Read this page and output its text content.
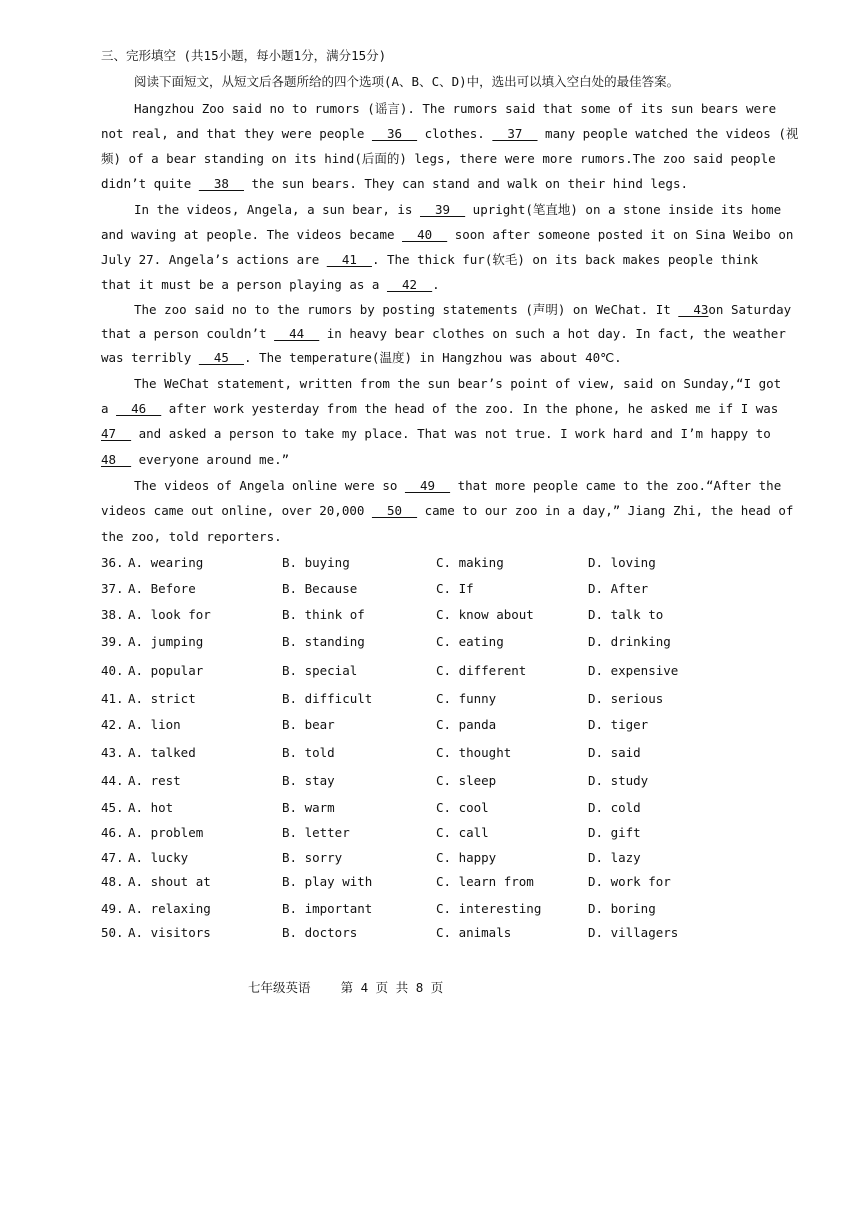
三、完形填空 (共15小题，每小题1分，满分15分)
阅读下面短文，从短文后各题所给的四个选项(A、B、C、D)中，选出可以填入空白处的最佳答案。
Hangzhou Zoo said no to rumors (谣言). The rumors said that some of its sun bears were
not real, and that they were people   36   clothes.   37   many people watched the videos (视
频) of a bear standing on its hind(后面的) legs, there were more rumors.The zoo said people
didn’t quite   38   the sun bears. They can stand and walk on their hind legs.
In the videos, Angela, a sun bear, is   39   upright(笔直地) on a stone inside its home
and waving at people. The videos became   40   soon after someone posted it on Sina Weibo on
July 27. Angela’s actions are   41  . The thick fur(软毛) on its back makes people think
that it must be a person playing as a   42  .
The zoo said no to the rumors by posting statements (声明) on WeChat. It   43on Saturday
that a person couldn’t   44   in heavy bear clothes on such a hot day. In fact, the weather
was terribly   45  . The temperature(温度) in Hangzhou was about 40℃.
The WeChat statement, written from the sun bear’s point of view, said on Sunday,“I got
a   46   after work yesterday from the head of the zoo. In the phone, he asked me if I was
47   and asked a person to take my place. That was not true. I work hard and I’m happy to
48   everyone around me.”
The videos of Angela online were so   49   that more people came to the zoo.“After the
videos came out online, over 20,000   50   came to our zoo in a day,” Jiang Zhi, the head of
the zoo, told reporters.
36. A. wearing	B. buying	C. making	D. loving
37. A. Before	B. Because	C. If	D. After
38. A. look for	B. think of	C. know about	D. talk to
39. A. jumping	B. standing	C. eating	D. drinking
40. A. popular	B. special	C. different	D. expensive
41. A. strict	B. difficult	C. funny	D. serious
42. A. lion	B. bear	C. panda	D. tiger
43. A. talked	B. told	C. thought	D. said
44. A. rest	B. stay	C. sleep	D. study
45. A. hot	B. warm	C. cool	D. cold
46. A. problem	B. letter	C. call	D. gift
47. A. lucky	B. sorry	C. happy	D. lazy
48. A. shout at	B. play with	C. learn from	D. work for
49. A. relaxing	B. important	C. interesting	D. boring
50. A. visitors	B. doctors	C. animals	D. villagers
七年级英语    第 4 页 共 8 页
